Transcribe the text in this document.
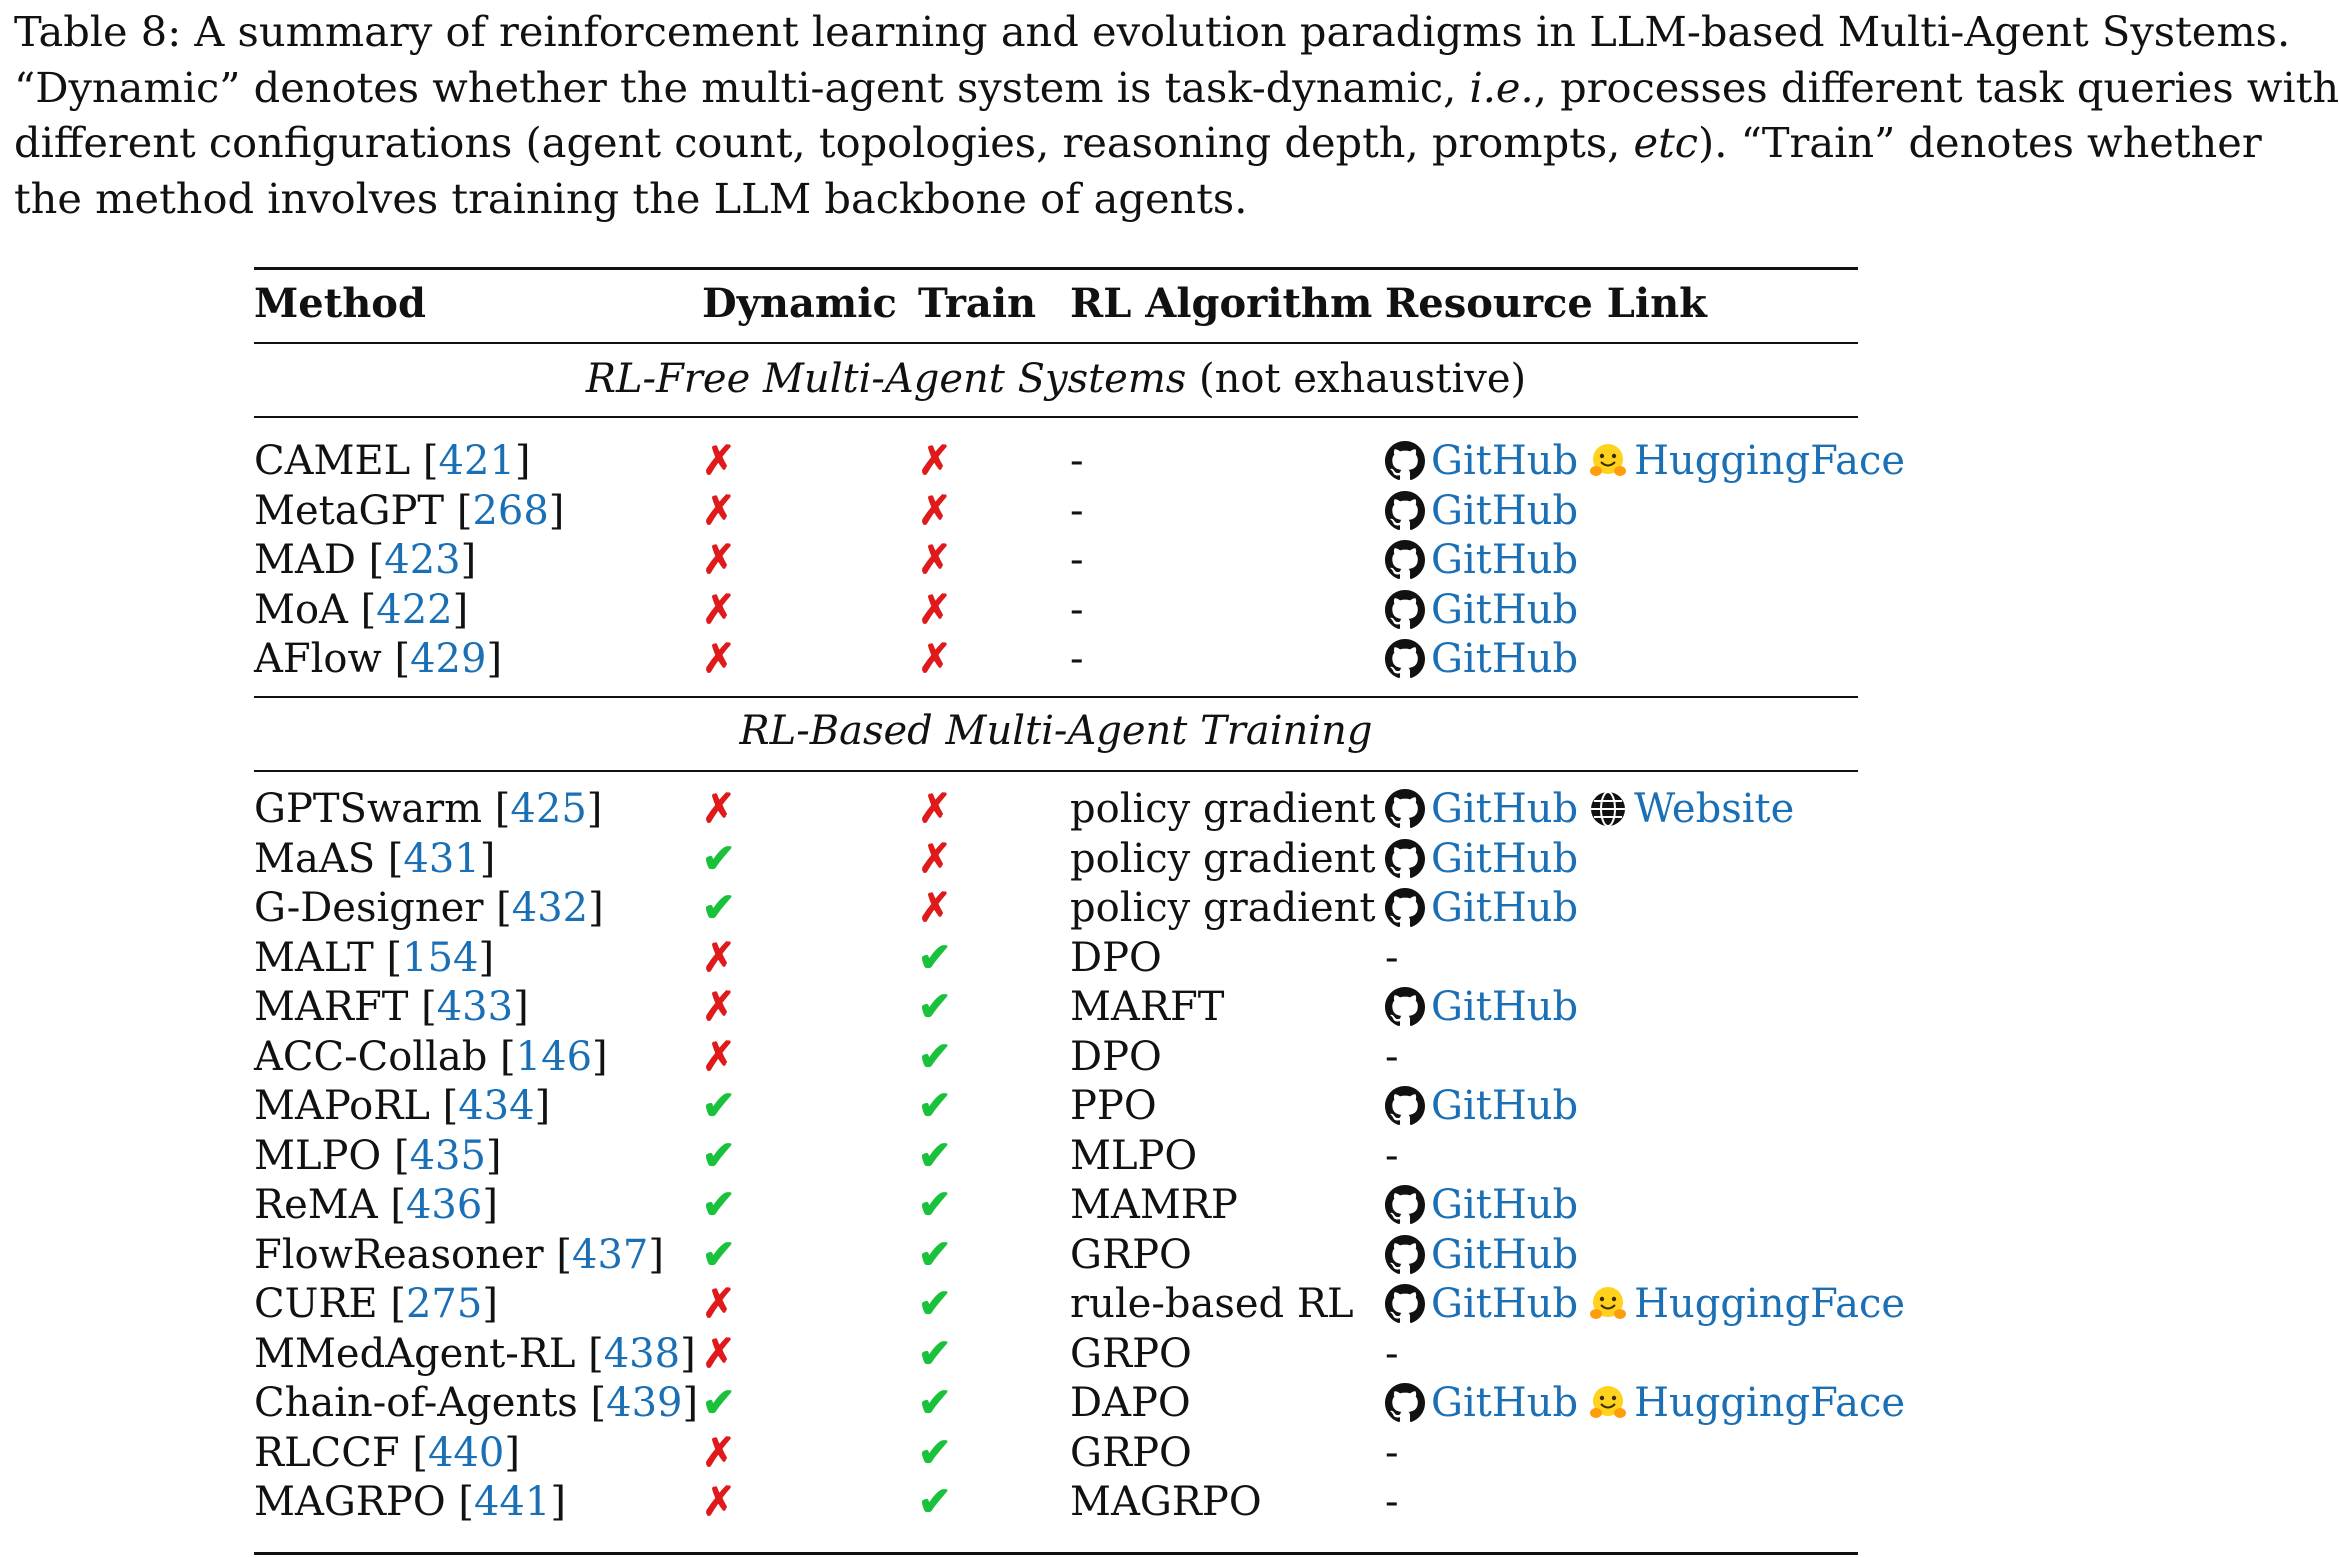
Table 8: A summary of reinforcement learning and evolution paradigms in LLM-based Multi-Agent Systems.
“Dynamic” denotes whether the multi-agent system is task-dynamic, i.e., processes different task queries with
different configurations (agent count, topologies, reasoning depth, prompts, etc). “Train” denotes whether
the method involves training the LLM backbone of agents.
Method	Dynamic Train RL Algorithm Resource Link
RL-Free Multi-Agent Systems (not exhaustive)
CAMEL [421]	✗	✗	-	GitHub HuggingFace
MetaGPT [268]	✗	✗	-	GitHub
MAD [423]	✗	✗	-	GitHub
MoA [422]	✗	✗	-	GitHub
AFlow [429]	✗	✗	-	GitHub
RL-Based Multi-Agent Training
GPTSwarm [425] ✗	✗	policy gradient GitHub Website
MaAS [431]	✔	✗	policy gradient GitHub
G-Designer [432] ✔	✗	policy gradient GitHub
MALT [154]	✗	✔	DPO	-
MARFT [433]	✗	✔	MARFT	GitHub
ACC-Collab [146] ✗	✔	DPO	-
MAPoRL [434]	✔	✔	PPO	GitHub
MLPO [435]	✔	✔	MLPO	-
ReMA [436]	✔	✔	MAMRP	GitHub
FlowReasoner [437] ✔	✔	GRPO	GitHub
CURE [275]	✗	✔	rule-based RL GitHub HuggingFace
MMedAgent-RL [438] ✗	✔	GRPO	-
Chain-of-Agents [439] ✔	✔	DAPO	GitHub HuggingFace
RLCCF [440]	✗	✔	GRPO	-
MAGRPO [441]	✗	✔	MAGRPO	-
